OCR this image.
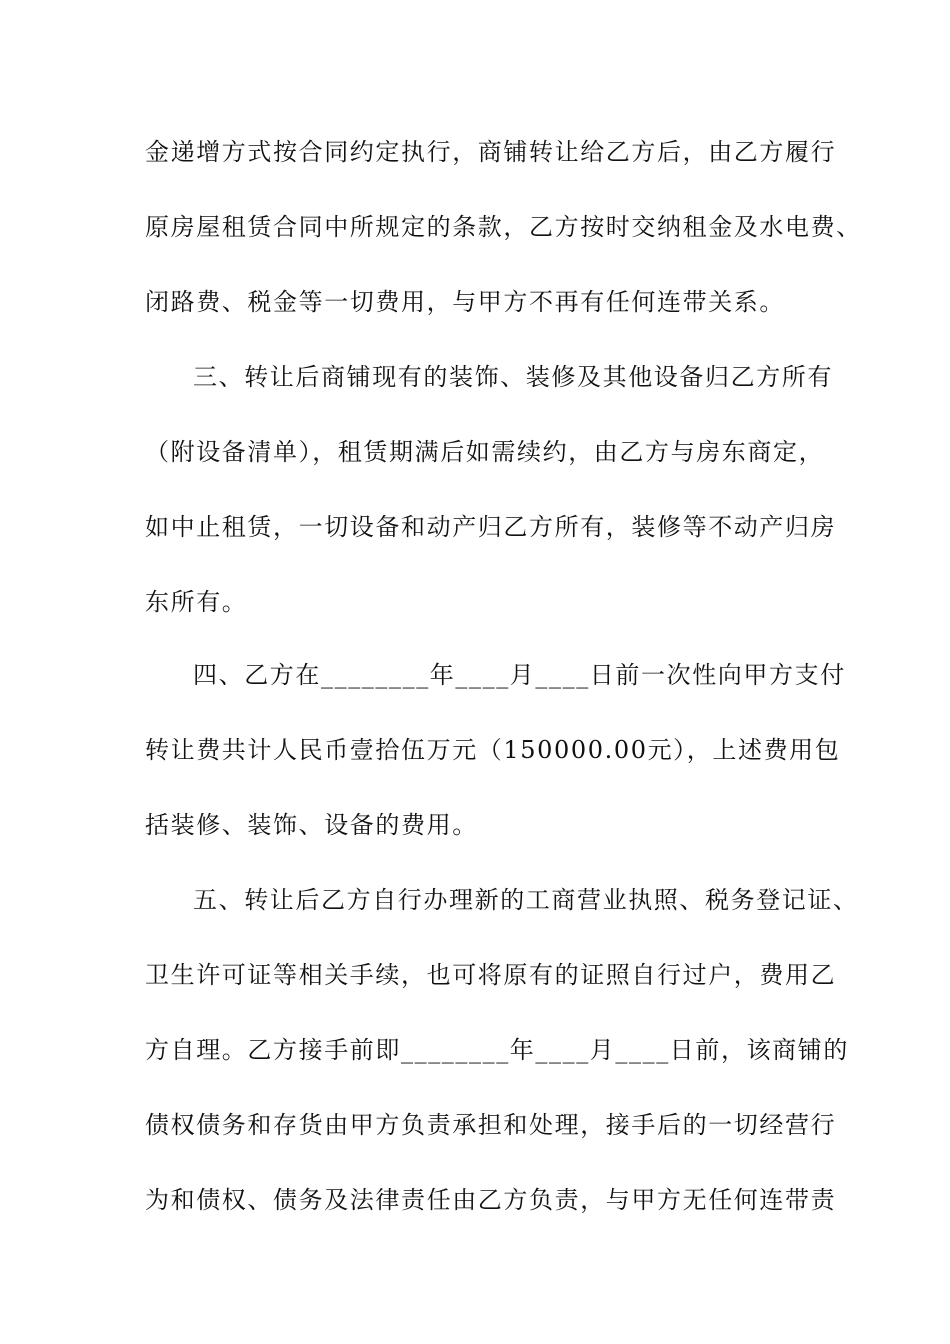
金递增方式按合同约定执行，商铺转让给乙方后，由乙方履行
原房屋租赁合同中所规定的条款，乙方按时交纳租金及水电费、
闭路费、税金等一切费用，与甲方不再有任何连带关系。
三、转让后商铺现有的装饰、装修及其他设备归乙方所有
（附设备清单），租赁期满后如需续约，由乙方与房东商定，
如中止租赁，一切设备和动产归乙方所有，装修等不动产归房
东所有。
四、乙方在________年____月____日前一次性向甲方支付
转让费共计人民币壹拾伍万元（150000.00元），上述费用包
括装修、装饰、设备的费用。
五、转让后乙方自行办理新的工商营业执照、税务登记证、
卫生许可证等相关手续，也可将原有的证照自行过户，费用乙
方自理。乙方接手前即________年____月____日前，该商铺的
债权债务和存货由甲方负责承担和处理，接手后的一切经营行
为和债权、债务及法律责任由乙方负责，与甲方无任何连带责
